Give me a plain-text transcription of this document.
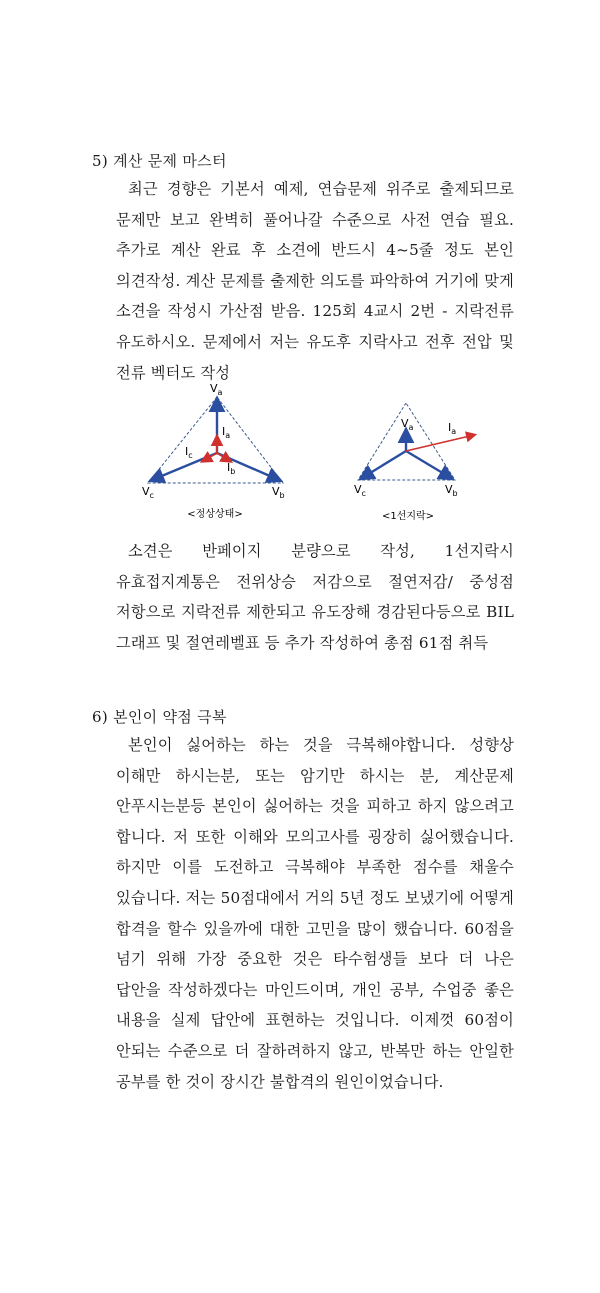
5) 계산 문제 마스터
최근 경향은 기본서 예제, 연습문제 위주로 출제되므로 문제만 보고 완벽히 풀어나갈 수준으로 사전 연습 필요. 추가로 계산 완료 후 소견에 반드시 4~5줄 정도 본인 의견작성. 계산 문제를 출제한 의도를 파악하여 거기에 맞게 소견을 작성시 가산점 받음. 125회 4교시 2번 - 지락전류 유도하시오. 문제에서 저는 유도후 지락사고 전후 전압 및 전류 벡터도 작성
$V_a$
$I_a$
$I_c$
$I_b$
$V_c$	$V_b$
<정상상태>
$V_a$	$I_a$
$V_c$	$V_b$
<1선지락>
소견은 반페이지 분량으로 작성, 1선지락시 유효접지계통은 전위상승 저감으로 절연저감/ 중성점 저항으로 지락전류 제한되고 유도장해 경감된다등으로 BIL 그래프 및 절연레벨표 등 추가 작성하여 총점 61점 취득
6) 본인이 약점 극복
본인이 싫어하는 하는 것을 극복해야합니다. 성향상 이해만 하시는분, 또는 암기만 하시는 분, 계산문제 안푸시는분등 본인이 싫어하는 것을 피하고 하지 않으려고 합니다. 저 또한 이해와 모의고사를 굉장히 싫어했습니다. 하지만 이를 도전하고 극복해야 부족한 점수를 채울수 있습니다. 저는 50점대에서 거의 5년 정도 보냈기에 어떻게 합격을 할수 있을까에 대한 고민을 많이 했습니다. 60점을 넘기 위해 가장 중요한 것은 타수험생들 보다 더 나은 답안을 작성하겠다는 마인드이며, 개인 공부, 수업중 좋은 내용을 실제 답안에 표현하는 것입니다. 이제껏 60점이 안되는 수준으로 더 잘하려하지 않고, 반복만 하는 안일한 공부를 한 것이 장시간 불합격의 원인이었습니다.
